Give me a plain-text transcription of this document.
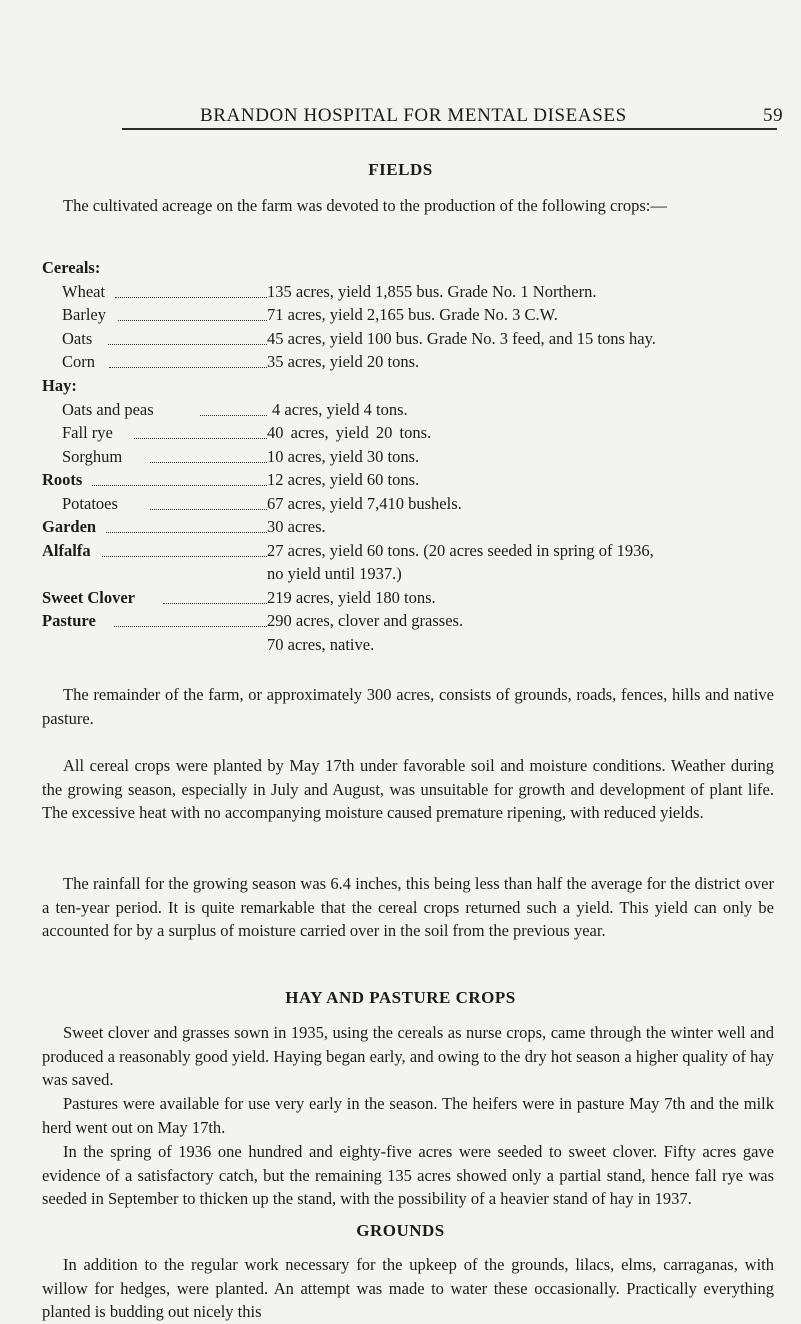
BRANDON HOSPITAL FOR MENTAL DISEASES	59
FIELDS

The cultivated acreage on the farm was devoted to the production of the following crops:—

Cereals:
Wheat	135 acres, yield 1,855 bus. Grade No. 1 Northern.
Barley	71 acres, yield 2,165 bus. Grade No. 3 C.W.
Oats	45 acres, yield 100 bus. Grade No. 3 feed, and 15 tons hay.
Corn	35 acres, yield 20 tons.
Hay:
Oats and peas	4 acres, yield 4 tons.
Fall rye	40 acres, yield 20 tons.
Sorghum	10 acres, yield 30 tons.
Roots	12 acres, yield 60 tons.
Potatoes	67 acres, yield 7,410 bushels.
Garden	30 acres.
Alfalfa	27 acres, yield 60 tons. (20 acres seeded in spring of 1936,
no yield until 1937.)
Sweet Clover	219 acres, yield 180 tons.
Pasture	290 acres, clover and grasses.
70 acres, native.

The remainder of the farm, or approximately 300 acres, consists of grounds, roads, fences, hills and native pasture.

All cereal crops were planted by May 17th under favorable soil and moisture conditions. Weather during the growing season, especially in July and August, was unsuitable for growth and development of plant life. The excessive heat with no accompanying moisture caused premature ripening, with reduced yields.

The rainfall for the growing season was 6.4 inches, this being less than half the average for the district over a ten-year period. It is quite remarkable that the cereal crops returned such a yield. This yield can only be accounted for by a surplus of moisture carried over in the soil from the previous year.

HAY AND PASTURE CROPS

Sweet clover and grasses sown in 1935, using the cereals as nurse crops, came through the winter well and produced a reasonably good yield. Haying began early, and owing to the dry hot season a higher quality of hay was saved.

Pastures were available for use very early in the season. The heifers were in pasture May 7th and the milk herd went out on May 17th.

In the spring of 1936 one hundred and eighty-five acres were seeded to sweet clover. Fifty acres gave evidence of a satisfactory catch, but the remaining 135 acres showed only a partial stand, hence fall rye was seeded in September to thicken up the stand, with the possibility of a heavier stand of hay in 1937.

GROUNDS

In addition to the regular work necessary for the upkeep of the grounds, lilacs, elms, carraganas, with willow for hedges, were planted. An attempt was made to water these occasionally. Practically everything planted is budding out nicely this
